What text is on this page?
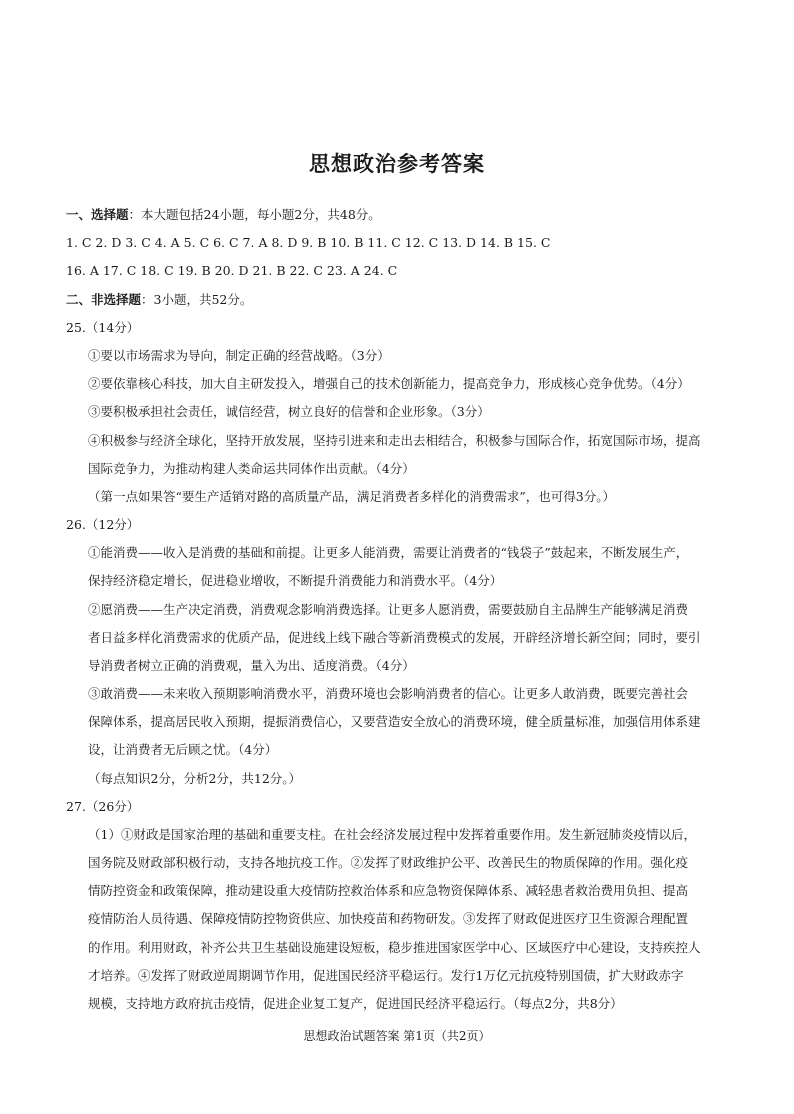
思想政治参考答案
一、选择题：本大题包括24小题，每小题2分，共48分。
1. C 2. D 3. C 4. A 5. C 6. C 7. A 8. D 9. B 10. B 11. C 12. C 13. D 14. B 15. C
16. A 17. C 18. C 19. B 20. D 21. B 22. C 23. A 24. C
二、非选择题：3小题，共52分。
25.（14分）
①要以市场需求为导向，制定正确的经营战略。（3分）
②要依靠核心科技，加大自主研发投入，增强自己的技术创新能力，提高竞争力，形成核心竞争优势。（4分）
③要积极承担社会责任，诚信经营，树立良好的信誉和企业形象。（3分）
④积极参与经济全球化，坚持开放发展，坚持引进来和走出去相结合，积极参与国际合作，拓宽国际市场，提高
国际竞争力，为推动构建人类命运共同体作出贡献。（4分）
（第一点如果答“要生产适销对路的高质量产品，满足消费者多样化的消费需求”，也可得3分。）
26.（12分）
①能消费——收入是消费的基础和前提。让更多人能消费，需要让消费者的“钱袋子”鼓起来，不断发展生产，
保持经济稳定增长，促进稳业增收，不断提升消费能力和消费水平。（4分）
②愿消费——生产决定消费，消费观念影响消费选择。让更多人愿消费，需要鼓励自主品牌生产能够满足消费
者日益多样化消费需求的优质产品，促进线上线下融合等新消费模式的发展，开辟经济增长新空间；同时，要引
导消费者树立正确的消费观，量入为出、适度消费。（4分）
③敢消费——未来收入预期影响消费水平，消费环境也会影响消费者的信心。让更多人敢消费，既要完善社会
保障体系，提高居民收入预期，提振消费信心，又要营造安全放心的消费环境，健全质量标准，加强信用体系建
设，让消费者无后顾之忧。（4分）
（每点知识2分，分析2分，共12分。）
27.（26分）
（1）①财政是国家治理的基础和重要支柱。在社会经济发展过程中发挥着重要作用。发生新冠肺炎疫情以后，
国务院及财政部积极行动，支持各地抗疫工作。②发挥了财政维护公平、改善民生的物质保障的作用。强化疫
情防控资金和政策保障，推动建设重大疫情防控救治体系和应急物资保障体系、减轻患者救治费用负担、提高
疫情防治人员待遇、保障疫情防控物资供应、加快疫苗和药物研发。③发挥了财政促进医疗卫生资源合理配置
的作用。利用财政，补齐公共卫生基础设施建设短板，稳步推进国家医学中心、区域医疗中心建设，支持疾控人
才培养。④发挥了财政逆周期调节作用，促进国民经济平稳运行。发行1万亿元抗疫特别国债，扩大财政赤字
规模，支持地方政府抗击疫情，促进企业复工复产，促进国民经济平稳运行。（每点2分，共8分）
思想政治试题答案 第1页（共2页）
